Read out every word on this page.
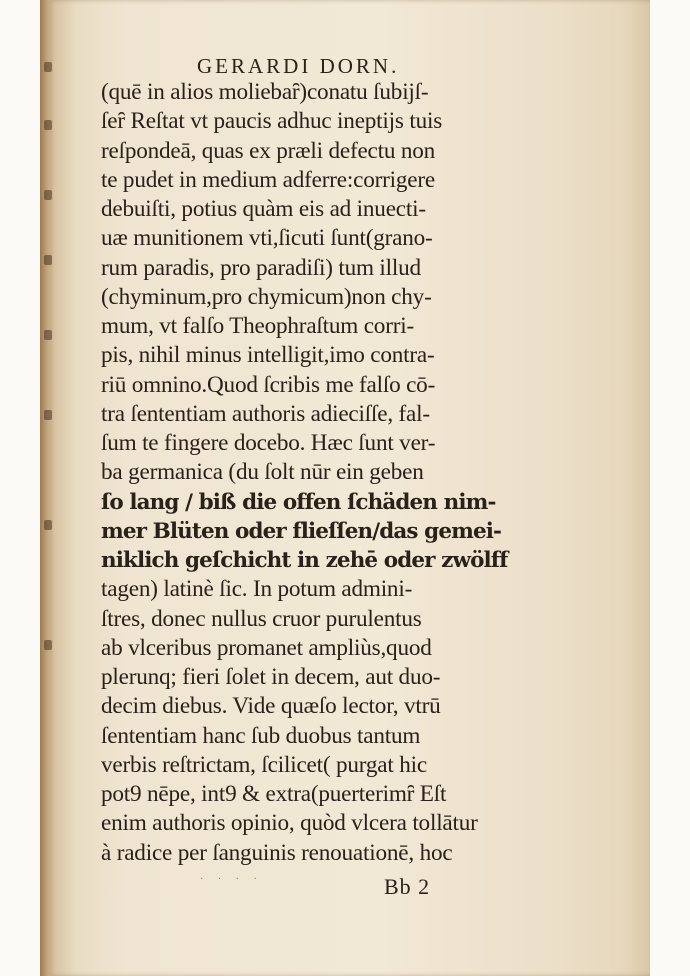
GERARDI DORN.
(quē in alios moliebaȓ)conatu ſubijſ-
ſeȓ Reſtat vt paucis adhuc ineptijs tuis
reſpondeā, quas ex præli defectu non
te pudet in medium adferre:corrigere
debuiſti, potius quàm eis ad inuecti-
uæ munitionem vti,ſicuti ſunt(grano-
rum paradis, pro paradiſi) tum illud
(chyminum,pro chymicum)non chy-
mum, vt falſo Theophraſtum corri-
pis, nihil minus intelligit,imo contra-
riū omnino.Quod ſcribis me falſo cō-
tra ſententiam authoris adieciſſe, fal-
ſum te fingere docebo. Hæc ſunt ver-
ba germanica (du ſolt nūr ein geben
ſo lang / biß die offen ſchäden nim-
mer Blüten oder flieſſen/das gemei-
niklich geſchicht in zehē oder zwölff
tagen) latinè ſic. In potum admini-
ſtres, donec nullus cruor purulentus
ab vlceribus promanet ampliùs,quod
plerunq; fieri ſolet in decem, aut duo-
decim diebus. Vide quæſo lector, vtrū
ſententiam hanc ſub duobus tantum
verbis reſtrictam, ſcilicet( purgat hic
pot9 nēpe, int9 & extra(puerterimȓ Eſt
enim authoris opinio, quòd vlcera tollātur
à radice per ſanguinis renouationē, hoc
· · · ·	Bb 2
